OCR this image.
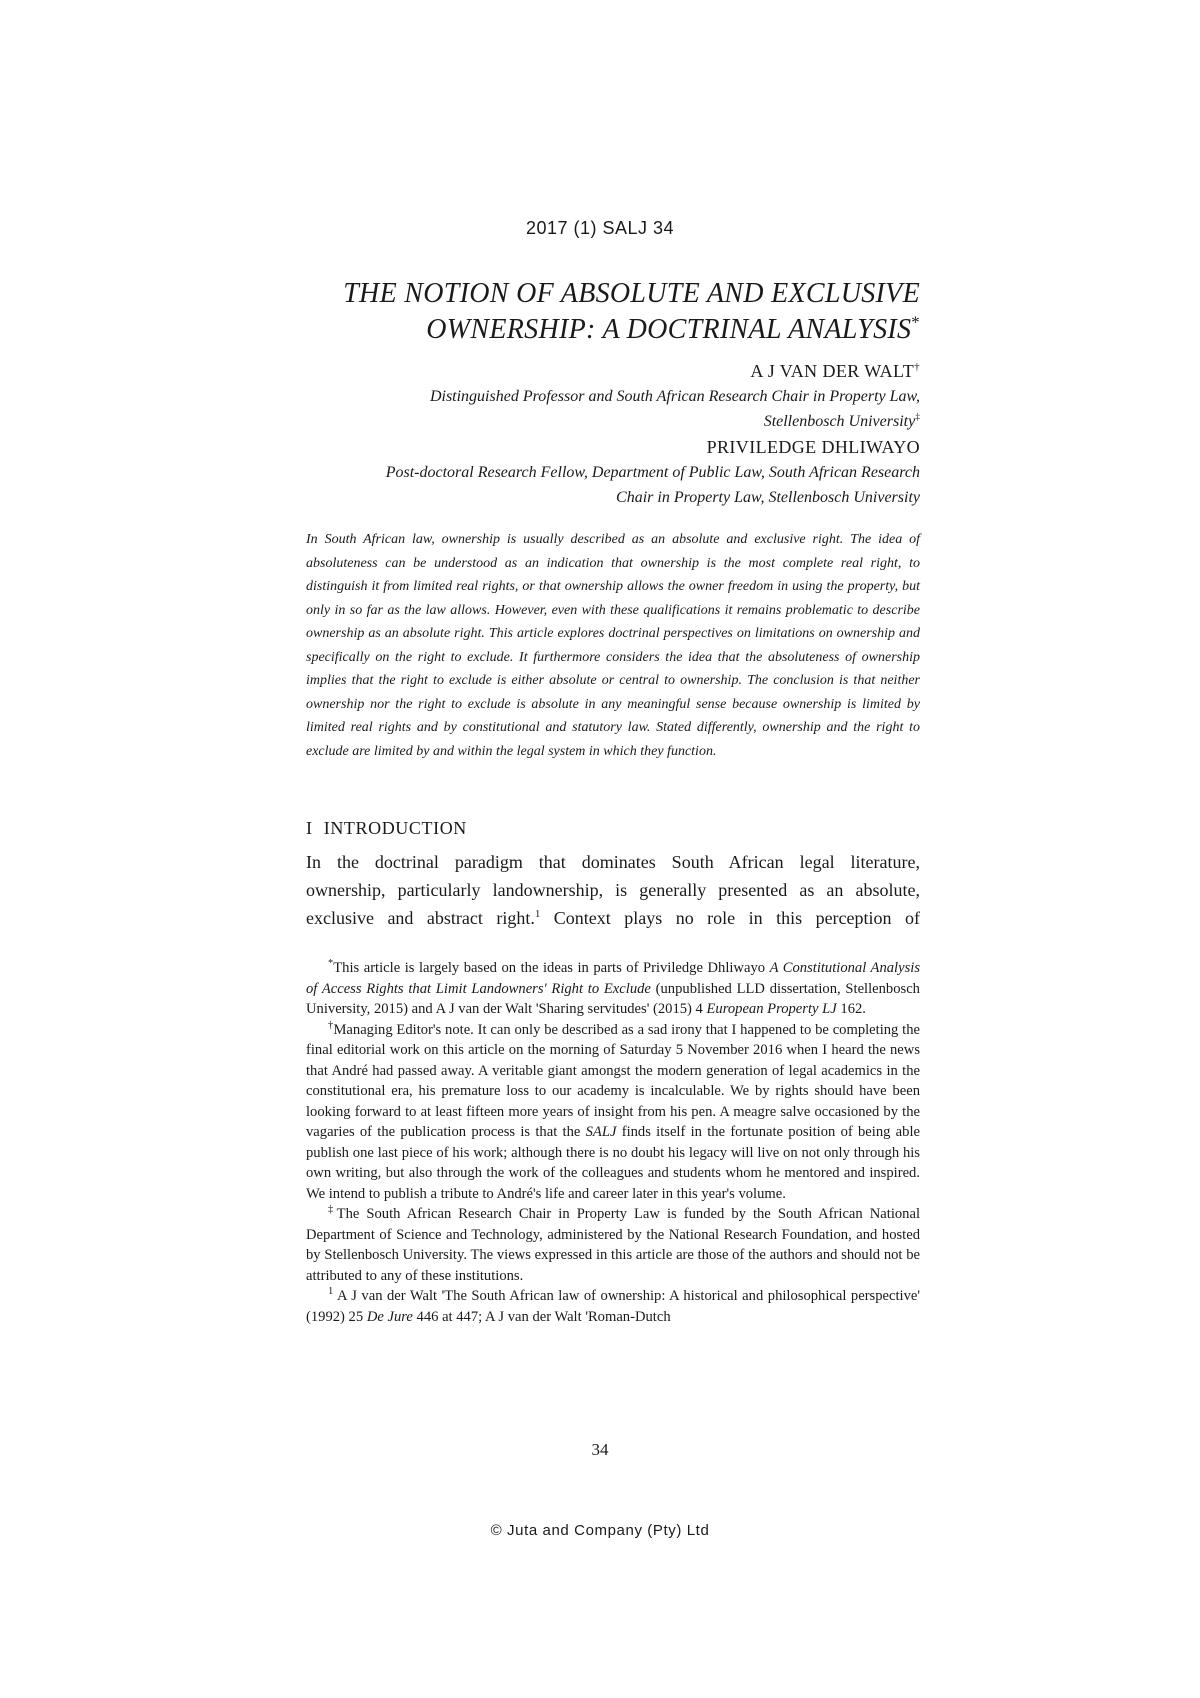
2017 (1) SALJ 34
THE NOTION OF ABSOLUTE AND EXCLUSIVE
OWNERSHIP: A DOCTRINAL ANALYSIS*
A J VAN DER WALT†
Distinguished Professor and South African Research Chair in Property Law,
Stellenbosch University‡
PRIVILEDGE DHLIWAYO
Post-doctoral Research Fellow, Department of Public Law, South African Research
Chair in Property Law, Stellenbosch University

In South African law, ownership is usually described as an absolute and exclusive right. The idea of absoluteness can be understood as an indication that ownership is the most complete real right, to distinguish it from limited real rights, or that ownership allows the owner freedom in using the property, but only in so far as the law allows. However, even with these qualifications it remains problematic to describe ownership as an absolute right. This article explores doctrinal perspectives on limitations on ownership and specifically on the right to exclude. It furthermore considers the idea that the absoluteness of ownership implies that the right to exclude is either absolute or central to ownership. The conclusion is that neither ownership nor the right to exclude is absolute in any meaningful sense because ownership is limited by limited real rights and by constitutional and statutory law. Stated differently, ownership and the right to exclude are limited by and within the legal system in which they function.

I INTRODUCTION
In the doctrinal paradigm that dominates South African legal literature,
ownership, particularly landownership, is generally presented as an absolute,
exclusive and abstract right.$^1$ Context plays no role in this perception of

*This article is largely based on the ideas in parts of Priviledge Dhliwayo A Constitutional Analysis of Access Rights that Limit Landowners' Right to Exclude (unpublished LLD dissertation, Stellenbosch University, 2015) and A J van der Walt 'Sharing servitudes' (2015) 4 European Property LJ 162.

†Managing Editor's note. It can only be described as a sad irony that I happened to be completing the final editorial work on this article on the morning of Saturday 5 November 2016 when I heard the news that André had passed away. A veritable giant amongst the modern generation of legal academics in the constitutional era, his premature loss to our academy is incalculable. We by rights should have been looking forward to at least fifteen more years of insight from his pen. A meagre salve occasioned by the vagaries of the publication process is that the SALJ finds itself in the fortunate position of being able publish one last piece of his work; although there is no doubt his legacy will live on not only through his own writing, but also through the work of the colleagues and students whom he mentored and inspired. We intend to publish a tribute to André's life and career later in this year's volume.

‡The South African Research Chair in Property Law is funded by the South African National Department of Science and Technology, administered by the National Research Foundation, and hosted by Stellenbosch University. The views expressed in this article are those of the authors and should not be attributed to any of these institutions.

$^1$ A J van der Walt 'The South African law of ownership: A historical and philosophical perspective' (1992) 25 De Jure 446 at 447; A J van der Walt 'Roman-Dutch

34
© Juta and Company (Pty) Ltd
